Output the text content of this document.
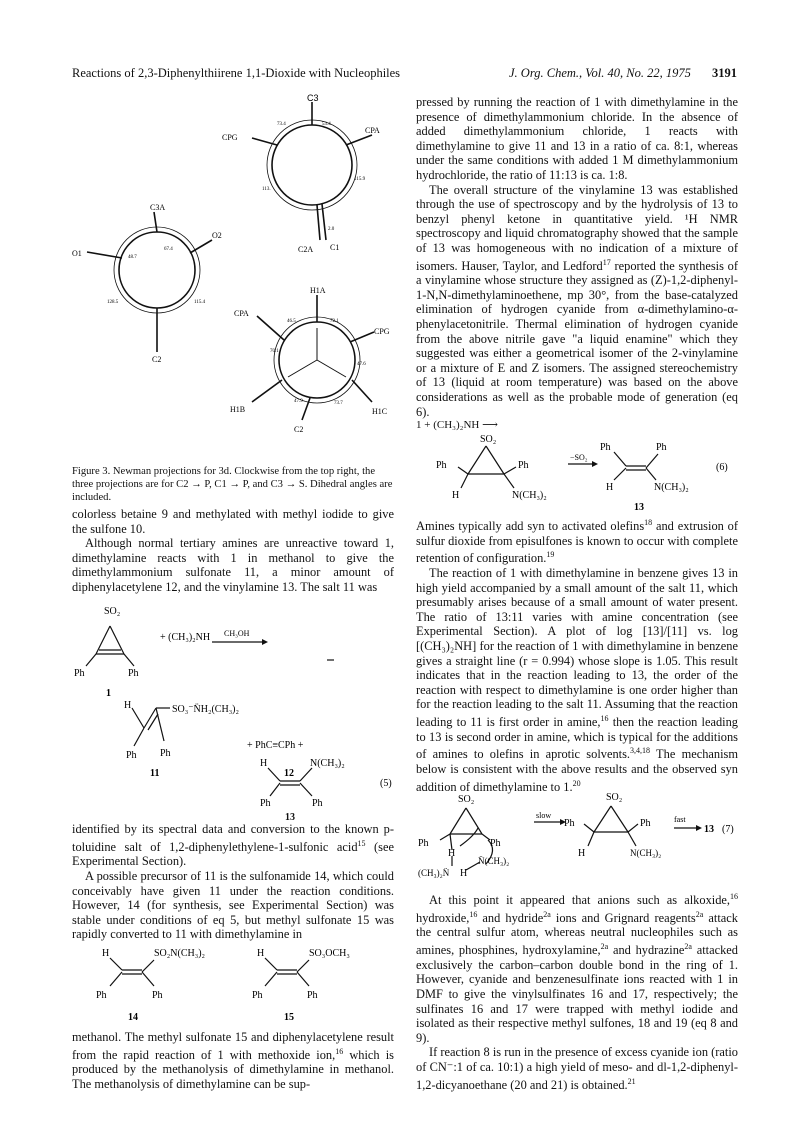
Reactions of 2,3-Diphenylthiirene 1,1-Dioxide with Nucleophiles	J. Org. Chem., Vol. 40, No. 22, 1975 3191
C3
CPA
CPG
C2A C1
73.4	53.4
115.9
113.
2.0
C3A
O1
O2
C2
48.7
67.4
128.5	115.4
H1A
CPA
CPG
H1B	H1C
C2
46.5	72.1
70.1
47.6
47.9	73.7
Figure 3. Newman projections for 3d. Clockwise from the top right, the three projections are for C2 → P, C1 → P, and C3 → S. Dihedral angles are included.

colorless betaine 9 and methylated with methyl iodide to give the sulfone 10.

Although normal tertiary amines are unreactive toward 1, dimethylamine reacts with 1 in methanol to give the dimethylammonium sulfonate 11, a minor amount of diphenylacetylene 12, and the vinylamine 13. The salt 11 was

SO₂
Ph	Ph
1
+ (CH₃)₂NH CH₃OH
H	SO₃⁻N̈H₂(CH₃)₂
Ph Ph
11
+ PhC≡CPh +
12
H	N(CH₃)₂
Ph	Ph
(5)
13

identified by its spectral data and conversion to the known p-toluidine salt of 1,2-diphenylethylene-1-sulfonic acid$^{15}$ (see Experimental Section).

A possible precursor of 11 is the sulfonamide 14, which could conceivably have given 11 under the reaction conditions. However, 14 (for synthesis, see Experimental Section) was stable under conditions of eq 5, but methyl sulfonate 15 was rapidly converted to 11 with dimethylamine in

H	SO₂N(CH₃)₂
Ph	Ph
14
H	SO₃OCH₃
Ph	Ph
15

methanol. The methyl sulfonate 15 and diphenylacetylene result from the rapid reaction of 1 with methoxide ion,$^{16}$ which is produced by the methanolysis of dimethylamine in methanol. The methanolysis of dimethylamine can be sup-

pressed by running the reaction of 1 with dimethylamine in the presence of dimethylammonium chloride. In the absence of added dimethylammonium chloride, 1 reacts with dimethylamine to give 11 and 13 in a ratio of ca. 8:1, whereas under the same conditions with added 1 M dimethylammonium hydrochloride, the ratio of 11:13 is ca. 1:8.

The overall structure of the vinylamine 13 was established through the use of spectroscopy and by the hydrolysis of 13 to benzyl phenyl ketone in quantitative yield. ¹H NMR spectroscopy and liquid chromatography showed that the sample of 13 was homogeneous with no indication of a mixture of isomers. Hauser, Taylor, and Ledford$^{17}$ reported the synthesis of a vinylamine whose structure they assigned as (Z)-1,2-diphenyl-1-N,N-dimethylaminoethene, mp 30°, from the base-catalyzed elimination of hydrogen cyanide from α-dimethylamino-α-phenylacetonitrile. Thermal elimination of hydrogen cyanide from the above nitrile gave "a liquid enamine" which they suggested was either a geometrical isomer of the 2-vinylamine or a mixture of E and Z isomers. The assigned stereochemistry of 13 (liquid at room temperature) was based on the above considerations as well as the probable mode of generation (eq 6).

1 + (CH₃)₂NH ⟶
SO₂
Ph	Ph
H	N(CH₃)₂
−SO₂
Ph	Ph
H	N(CH₃)₂
13
(6)

Amines typically add syn to activated olefins$^{18}$ and extrusion of sulfur dioxide from episulfones is known to occur with complete retention of configuration.$^{19}$

The reaction of 1 with dimethylamine in benzene gives 13 in high yield accompanied by a small amount of the salt 11, which presumably arises because of a small amount of water present. The ratio of 13:11 varies with amine concentration (see Experimental Section). A plot of log [13]/[11] vs. log [(CH₃)₂NH] for the reaction of 1 with dimethylamine in benzene gives a straight line (r = 0.994) whose slope is 1.05. This result indicates that in the reaction leading to 13, the order of the reaction with respect to dimethylamine is one order higher than for the reaction leading to the salt 11. Assuming that the reaction leading to 11 is first order in amine,$^{16}$ then the reaction leading to 13 is second order in amine, which is typical for the additions of amines to olefins in aprotic solvents.$^{3,4,18}$ The mechanism below is consistent with the above results and the observed syn addition of dimethylamine to 1.20

SO₂
Ph	Ph
H
(CH₃)₂N̈ H
N̈(CH₃)₂
slow
SO₂
Ph	Ph
H	N(CH₃)₂
fast
13 (7)

At this point it appeared that anions such as alkoxide,$^{16}$ hydroxide,$^{16}$ and hydride$^{2a}$ ions and Grignard reagents$^{2a}$ attack the central sulfur atom, whereas neutral nucleophiles such as amines, phosphines, hydroxylamine,$^{2a}$ and hydrazine$^{2a}$ attacked exclusively the carbon–carbon double bond in the ring of 1. However, cyanide and benzenesulfinate ions reacted with 1 in DMF to give the vinylsulfinates 16 and 17, respectively; the sulfinates 16 and 17 were trapped with methyl iodide and isolated as their respective methyl sulfones, 18 and 19 (eq 8 and 9).

If reaction 8 is run in the presence of excess cyanide ion (ratio of CN⁻:1 of ca. 10:1) a high yield of meso- and dl-1,2-diphenyl-1,2-dicyanoethane (20 and 21) is obtained.$^{21}$
